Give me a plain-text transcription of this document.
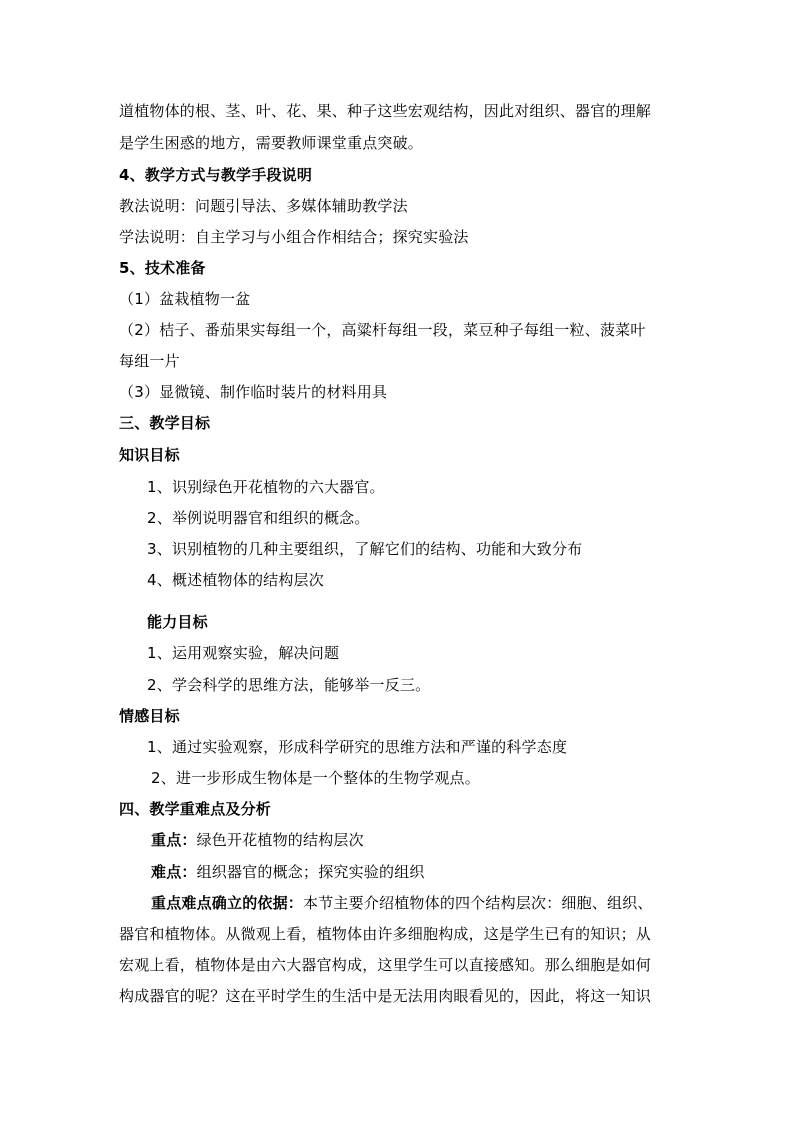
道植物体的根、茎、叶、花、果、种子这些宏观结构，因此对组织、器官的理解
是学生困惑的地方，需要教师课堂重点突破。
4、教学方式与教学手段说明
教法说明：问题引导法、多媒体辅助教学法
学法说明：自主学习与小组合作相结合；探究实验法
5、技术准备
（1）盆栽植物一盆
（2）桔子、番茄果实每组一个，高粱杆每组一段，菜豆种子每组一粒、菠菜叶
每组一片
（3）显微镜、制作临时装片的材料用具
三、教学目标
知识目标
1、识别绿色开花植物的六大器官。
2、举例说明器官和组织的概念。
3、识别植物的几种主要组织，了解它们的结构、功能和大致分布
4、概述植物体的结构层次
能力目标
1、运用观察实验，解决问题
2、学会科学的思维方法，能够举一反三。
情感目标
1、通过实验观察，形成科学研究的思维方法和严谨的科学态度
2、进一步形成生物体是一个整体的生物学观点。
四、教学重难点及分析
重点：绿色开花植物的结构层次
难点：组织器官的概念；探究实验的组织
重点难点确立的依据：本节主要介绍植物体的四个结构层次：细胞、组织、
器官和植物体。从微观上看，植物体由许多细胞构成，这是学生已有的知识；从
宏观上看，植物体是由六大器官构成，这里学生可以直接感知。那么细胞是如何
构成器官的呢？这在平时学生的生活中是无法用肉眼看见的，因此，将这一知识
